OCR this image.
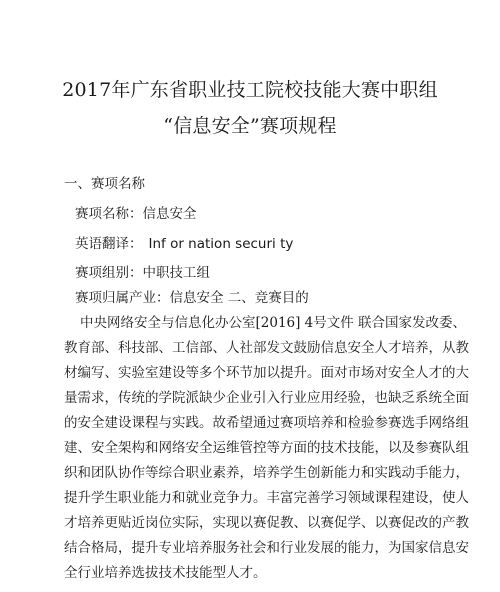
2017年广东省职业技工院校技能大赛中职组
“信息安全”赛项规程
一、赛项名称
赛项名称：信息安全
英语翻译： Inf or nation securi ty
赛项组别：中职技工组
赛项归属产业：信息安全 二、竞赛目的
中央网络安全与信息化办公室[2016] 4号文件 联合国家发改委、
教育部、科技部、工信部、人社部发文鼓励信息安全人才培养，从教
材编写、实验室建设等多个环节加以提升。面对市场对安全人才的大
量需求，传统的学院派缺少企业引入行业应用经验，也缺乏系统全面
的安全建设课程与实践。故希望通过赛项培养和检验参赛选手网络组
建、安全架构和网络安全运维管控等方面的技术技能，以及参赛队组
织和团队协作等综合职业素养，培养学生创新能力和实践动手能力，
提升学生职业能力和就业竞争力。丰富完善学习领域课程建设，使人
才培养更贴近岗位实际，实现以赛促教、以赛促学、以赛促改的产教
结合格局，提升专业培养服务社会和行业发展的能力，为国家信息安
全行业培养选拔技术技能型人才。
